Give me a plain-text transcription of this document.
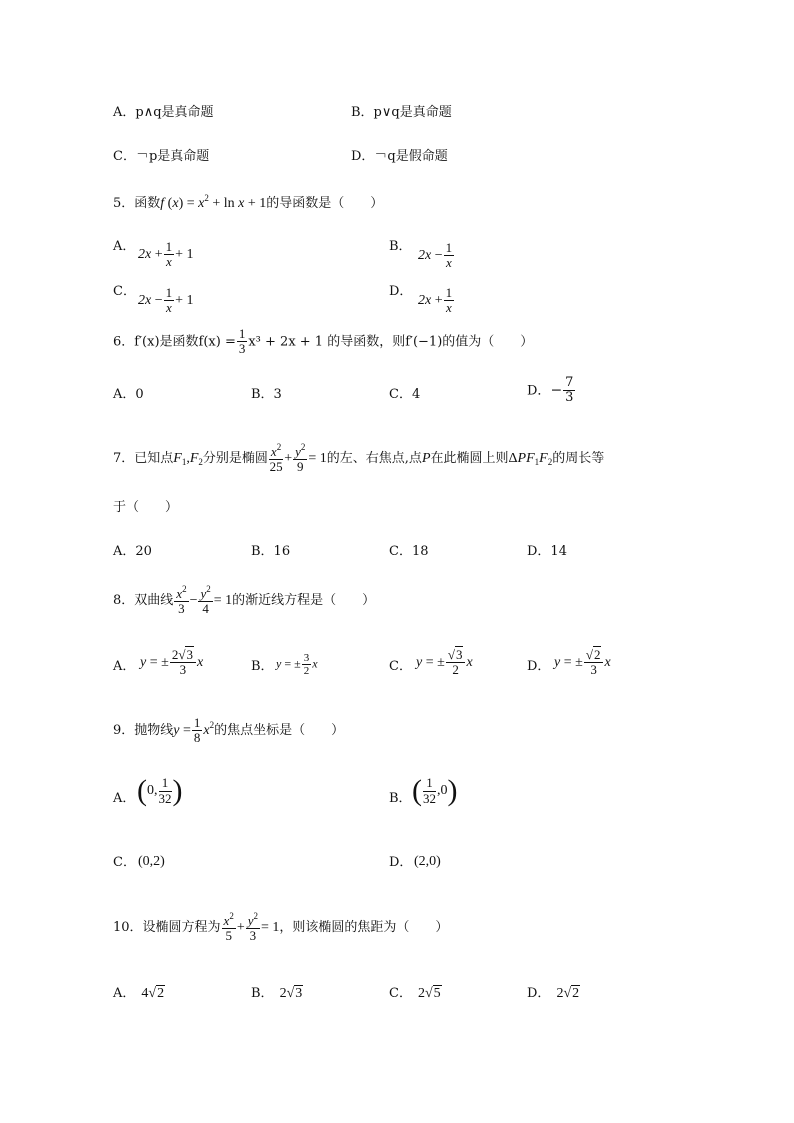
A．p∧q是真命题	B．p∨q是真命题
C．￢p是真命题	D．￢q是假命题
5．函数f $(x) = x^2 + \ln x + 1$的导函数是（　　）
A．
$2x + \frac{1}{x} + 1$
B．
$2x - \frac{1}{x}$
C．
$2x - \frac{1}{x} + 1$
D．
$2x + \frac{1}{x}$
6．f′(x)是函数$f(x) = \frac{1}{3} x^3 + 2x + 1$ 的导函数，则f′(−1)的值为（　　）
A．0	B．3	C．4	D．− $\frac{7}{3}$
7．已知点$F_1,F_2$分别是椭圆 $\frac{x^2}{25} + \frac{y^2}{9} = 1$的左、右焦点,点P在此椭圆上则$\Delta PF_1F_2$的周长等
于（　　）
A．20	B．16	C．18	D．14
8．双曲线 $\frac{x^2}{3} - \frac{y^2}{4} = 1$的渐近线方程是（　　）
A． y = ± $\frac{2√3}{3}$ x	B． y = ± $\frac{3}{2}$ x	C． y = ± $\frac{√3}{2}$ x	D． y = ± $\frac{√2}{3}$ x
9．抛物线$y = \frac{1}{8} x^2$的焦点坐标是（　　）
A． (0, $\frac{1}{32}$ )	B． ( $\frac{1}{32} ,0$)
C． (0,2)	D． (2,0)
10．设椭圆方程为 $\frac{x^2}{5} + \frac{y^2}{3} = 1$，则该椭圆的焦距为（　　）
A． 4√2	B． 2√3	C． 2√5	D． 2√2
